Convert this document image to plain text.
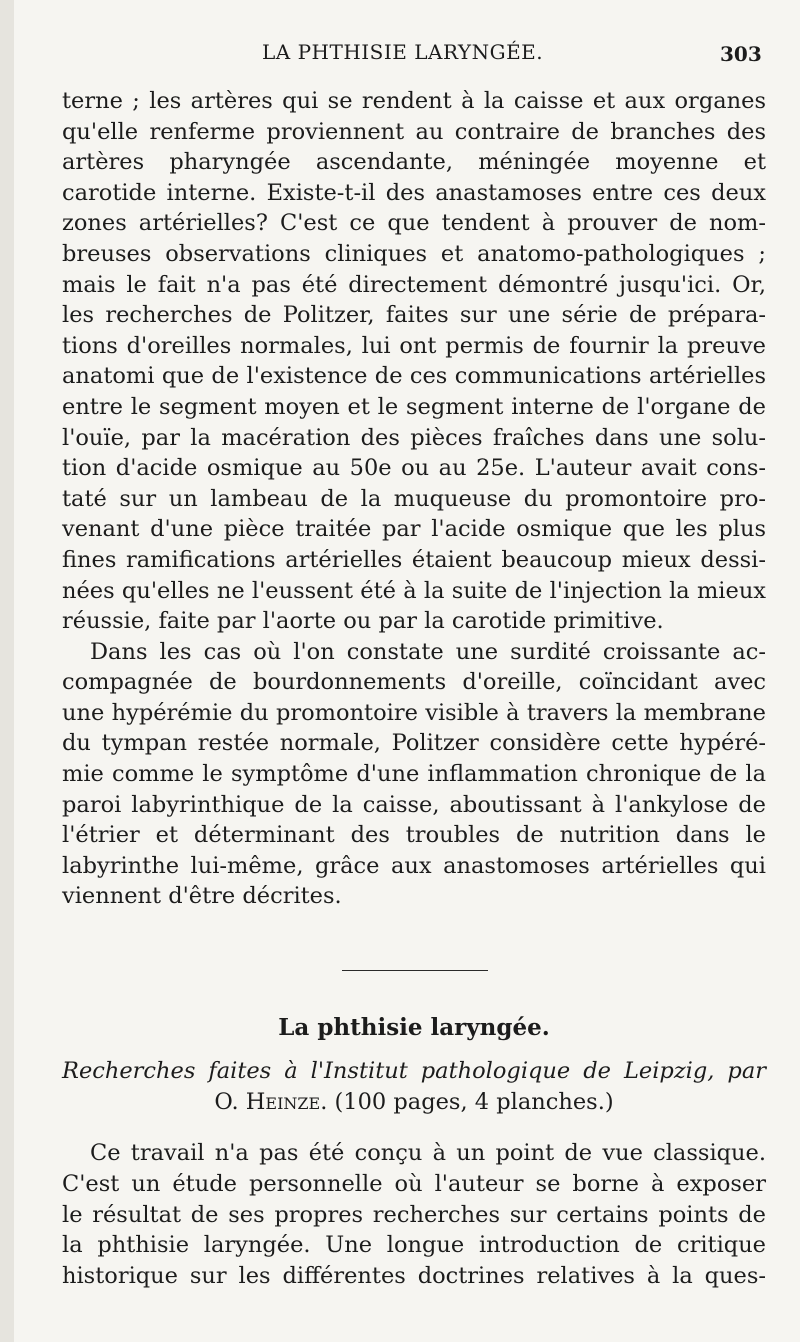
LA PHTHISIE LARYNGÉE.	303
terne ; les artères qui se rendent à la caisse et aux organes
qu'elle renferme proviennent au contraire de branches des
artères pharyngée ascendante, méningée moyenne et
carotide interne. Existe-t-il des anastamoses entre ces deux
zones artérielles? C'est ce que tendent à prouver de nom-
breuses observations cliniques et anatomo-pathologiques ;
mais le fait n'a pas été directement démontré jusqu'ici. Or,
les recherches de Politzer, faites sur une série de prépara-
tions d'oreilles normales, lui ont permis de fournir la preuve
anatomi que de l'existence de ces communications artérielles
entre le segment moyen et le segment interne de l'organe de
l'ouïe, par la macération des pièces fraîches dans une solu-
tion d'acide osmique au 50e ou au 25e. L'auteur avait cons-
taté sur un lambeau de la muqueuse du promontoire pro-
venant d'une pièce traitée par l'acide osmique que les plus
fines ramifications artérielles étaient beaucoup mieux dessi-
nées qu'elles ne l'eussent été à la suite de l'injection la mieux
réussie, faite par l'aorte ou par la carotide primitive.
Dans les cas où l'on constate une surdité croissante ac-
compagnée de bourdonnements d'oreille, coïncidant avec
une hypérémie du promontoire visible à travers la membrane
du tympan restée normale, Politzer considère cette hypéré-
mie comme le symptôme d'une inflammation chronique de la
paroi labyrinthique de la caisse, aboutissant à l'ankylose de
l'étrier et déterminant des troubles de nutrition dans le
labyrinthe lui-même, grâce aux anastomoses artérielles qui
viennent d'être décrites.
La phthisie laryngée.
Recherches faites à l'Institut pathologique de Leipzig, par
O. Heinze. (100 pages, 4 planches.)
Ce travail n'a pas été conçu à un point de vue classique.
C'est un étude personnelle où l'auteur se borne à exposer
le résultat de ses propres recherches sur certains points de
la phthisie laryngée. Une longue introduction de critique
historique sur les différentes doctrines relatives à la ques-
